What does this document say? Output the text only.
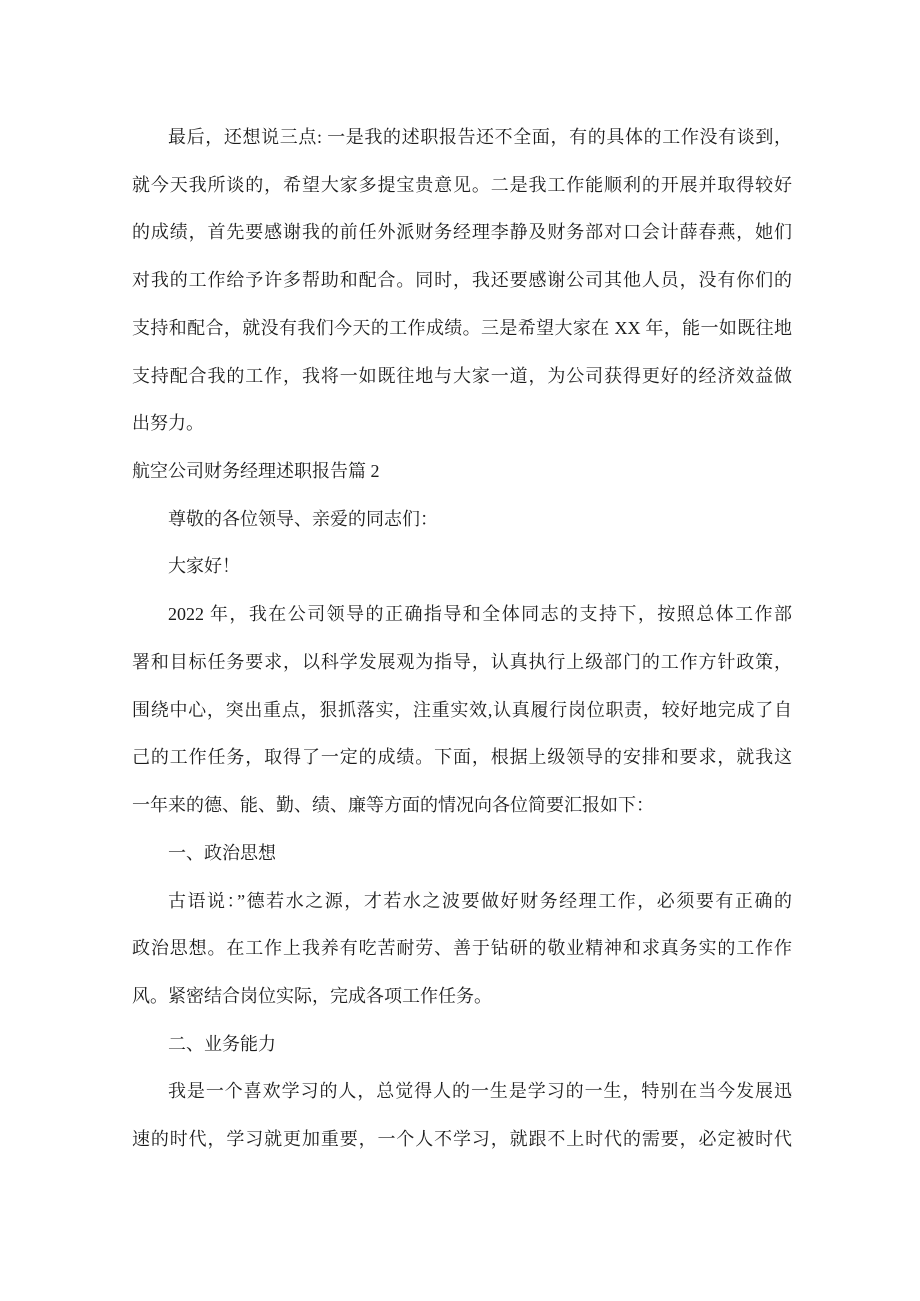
最后，还想说三点: 一是我的述职报告还不全面，有的具体的工作没有谈到，
就今天我所谈的，希望大家多提宝贵意见。二是我工作能顺利的开展并取得较好
的成绩，首先要感谢我的前任外派财务经理李静及财务部对口会计薛春燕，她们
对我的工作给予许多帮助和配合。同时，我还要感谢公司其他人员，没有你们的
支持和配合，就没有我们今天的工作成绩。三是希望大家在 XX 年，能一如既往地
支持配合我的工作，我将一如既往地与大家一道，为公司获得更好的经济效益做
出努力。
航空公司财务经理述职报告篇 2
尊敬的各位领导、亲爱的同志们：
大家好！
2022 年，我在公司领导的正确指导和全体同志的支持下，按照总体工作部
署和目标任务要求，以科学发展观为指导，认真执行上级部门的工作方针政策，
围绕中心，突出重点，狠抓落实，注重实效,认真履行岗位职责，较好地完成了自
己的工作任务，取得了一定的成绩。下面，根据上级领导的安排和要求，就我这
一年来的德、能、勤、绩、廉等方面的情况向各位简要汇报如下：
一、政治思想
古语说：”德若水之源，才若水之波要做好财务经理工作，必须要有正确的
政治思想。在工作上我养有吃苦耐劳、善于钻研的敬业精神和求真务实的工作作
风。紧密结合岗位实际，完成各项工作任务。
二、业务能力
我是一个喜欢学习的人，总觉得人的一生是学习的一生，特别在当今发展迅
速的时代，学习就更加重要，一个人不学习，就跟不上时代的需要，必定被时代
